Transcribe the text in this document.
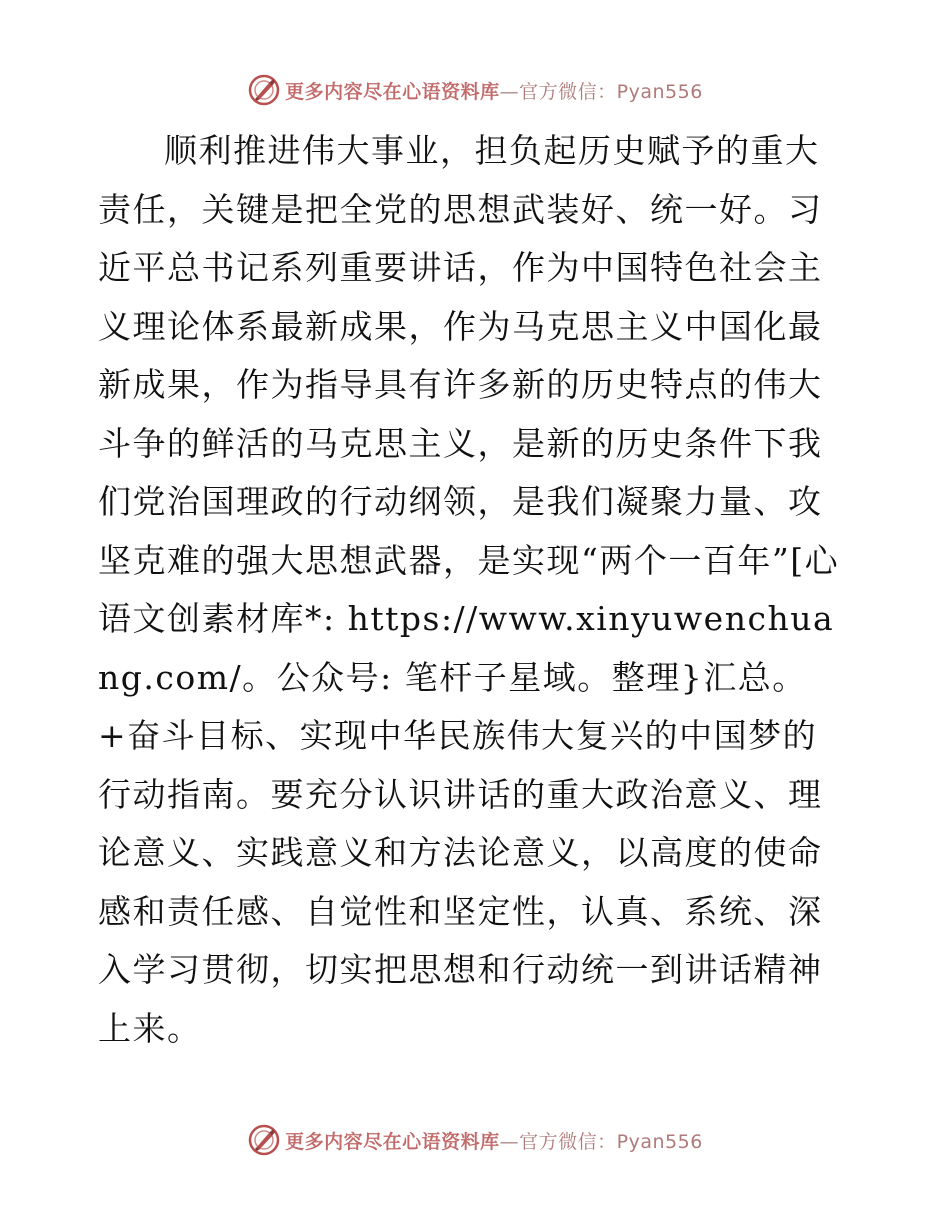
更多内容尽在心语资料库—官方微信：Pyan556

顺利推进伟大事业，担负起历史赋予的重大责任，关键是把全党的思想武装好、统一好。习近平总书记系列重要讲话，作为中国特色社会主义理论体系最新成果，作为马克思主义中国化最新成果，作为指导具有许多新的历史特点的伟大斗争的鲜活的马克思主义，是新的历史条件下我们党治国理政的行动纲领，是我们凝聚力量、攻坚克难的强大思想武器，是实现“两个一百年”[心语文创素材库*: https://www.xinyuwenchuang.com/。公众号: 笔杆子星域。整理}汇总。+奋斗目标、实现中华民族伟大复兴的中国梦的行动指南。要充分认识讲话的重大政治意义、理论意义、实践意义和方法论意义，以高度的使命感和责任感、自觉性和坚定性，认真、系统、深入学习贯彻，切实把思想和行动统一到讲话精神上来。

更多内容尽在心语资料库—官方微信：Pyan556
